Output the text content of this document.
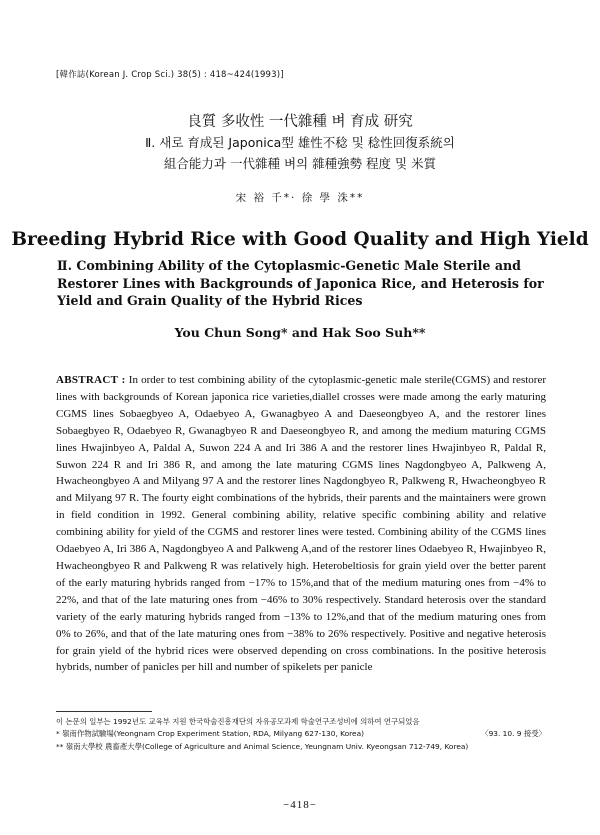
[韓作誌(Korean J. Crop Sci.) 38(5) : 418~424(1993)]
良質 多收性 一代雜種 벼 育成 研究
Ⅱ. 새로 育成된 Japonica型 雄性不稔 및 稔性回復系統의
組合能力과 一代雜種 벼의 雜種強勢 程度 및 米質
宋 裕 千*· 徐 學 洙**
Breeding Hybrid Rice with Good Quality and High Yield
Ⅱ. Combining Ability of the Cytoplasmic-Genetic Male Sterile and Restorer Lines with Backgrounds of Japonica Rice, and Heterosis for Yield and Grain Quality of the Hybrid Rices
You Chun Song* and Hak Soo Suh**
ABSTRACT : In order to test combining ability of the cytoplasmic-genetic male sterile(CGMS) and restorer lines with backgrounds of Korean japonica rice varieties,diallel crosses were made among the early maturing CGMS lines Sobaegbyeo A, Odaebyeo A, Gwanagbyeo A and Daeseongbyeo A, and the restorer lines Sobaegbyeo R, Odaebyeo R, Gwanagbyeo R and Daeseongbyeo R, and among the medium maturing CGMS lines Hwajinbyeo A, Paldal A, Suwon 224 A and Iri 386 A and the restorer lines Hwajinbyeo R, Paldal R, Suwon 224 R and Iri 386 R, and among the late maturing CGMS lines Nagdongbyeo A, Palkweng A, Hwacheongbyeo A and Milyang 97 A and the restorer lines Nagdongbyeo R, Palkweng R, Hwacheongbyeo R and Milyang 97 R. The fourty eight combinations of the hybrids, their parents and the maintainers were grown in field condition in 1992. General combining ability, relative specific combining ability and relative combining ability for yield of the CGMS and restorer lines were tested. Combining ability of the CGMS lines Odaebyeo A, Iri 386 A, Nagdongbyeo A and Palkweng A,and of the restorer lines Odaebyeo R, Hwajinbyeo R, Hwacheongbyeo R and Palkweng R was relatively high. Heterobeltiosis for grain yield over the better parent of the early maturing hybrids ranged from −17% to 15%,and that of the medium maturing ones from −4% to 22%, and that of the late maturing ones from −46% to 30% respectively. Standard heterosis over the standard variety of the early maturing hybrids ranged from −13% to 12%,and that of the medium maturing ones from 0% to 26%, and that of the late maturing ones from −38% to 26% respectively. Positive and negative heterosis for grain yield of the hybrid rices were observed depending on cross combinations. In the positive heterosis hybrids, number of panicles per hill and number of spikelets per panicle
이 논문의 일부는 1992년도 교육부 지원 한국학술진흥재단의 자유공모과제 학술연구조성비에 의하여 연구되었음
* 嶺南作物試驗場(Yeongnam Crop Experiment Station, RDA, Milyang 627-130, Korea)	〈93. 10. 9 接受〉
** 嶺南大學校 農畜產大學(College of Agriculture and Animal Science, Yeungnam Univ. Kyeongsan 712-749, Korea)
−418−
